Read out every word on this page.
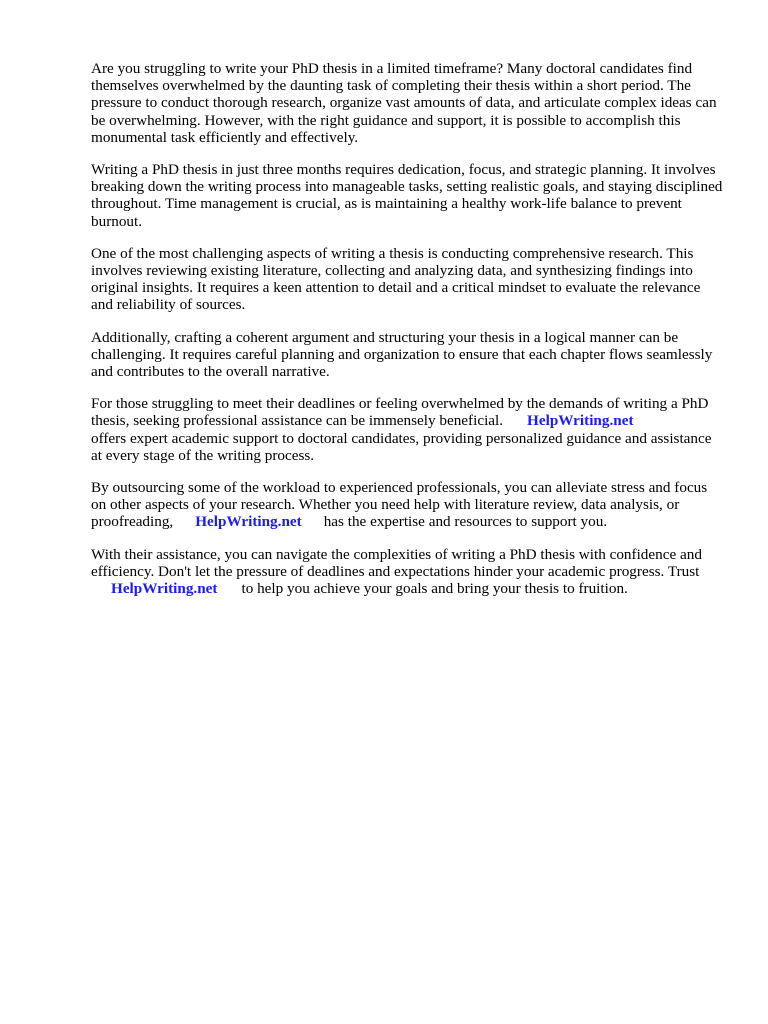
Are you struggling to write your PhD thesis in a limited timeframe? Many doctoral candidates find themselves overwhelmed by the daunting task of completing their thesis within a short period. The pressure to conduct thorough research, organize vast amounts of data, and articulate complex ideas can be overwhelming. However, with the right guidance and support, it is possible to accomplish this monumental task efficiently and effectively.

Writing a PhD thesis in just three months requires dedication, focus, and strategic planning. It involves breaking down the writing process into manageable tasks, setting realistic goals, and staying disciplined throughout. Time management is crucial, as is maintaining a healthy work-life balance to prevent burnout.

One of the most challenging aspects of writing a thesis is conducting comprehensive research. This involves reviewing existing literature, collecting and analyzing data, and synthesizing findings into original insights. It requires a keen attention to detail and a critical mindset to evaluate the relevance and reliability of sources.

Additionally, crafting a coherent argument and structuring your thesis in a logical manner can be challenging. It requires careful planning and organization to ensure that each chapter flows seamlessly and contributes to the overall narrative.

For those struggling to meet their deadlines or feeling overwhelmed by the demands of writing a PhD thesis, seeking professional assistance can be immensely beneficial. HelpWriting.net
offers expert academic support to doctoral candidates, providing personalized guidance and assistance at every stage of the writing process.

By outsourcing some of the workload to experienced professionals, you can alleviate stress and focus on other aspects of your research. Whether you need help with literature review, data analysis, or proofreading, HelpWriting.net has the expertise and resources to support you.

With their assistance, you can navigate the complexities of writing a PhD thesis with confidence and efficiency. Don't let the pressure of deadlines and expectations hinder your academic progress. Trust
HelpWriting.net to help you achieve your goals and bring your thesis to fruition.
